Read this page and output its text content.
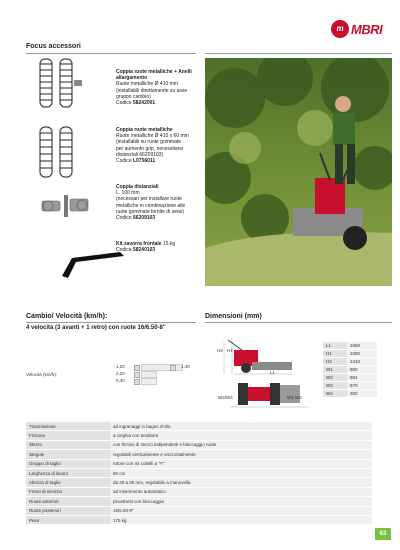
m MBRI
Focus accessori
Coppia ruote metalliche + Anelli allargamento
Ruote metalliche Ø 410 mm
(installabili direttamente su asse
gruppo cambio)
Codice 58242001
Coppia ruote metalliche
Ruote metalliche Ø 410 x 60 mm
(installabili su ruote gommate
per aumento grip, necessitano
distanziali 66209103)
Codice L0756011
Coppia distanziali
L. 100 mm
(necessari per installare ruote
metalliche in combinazione alle
ruote gommate fornite di serie)
Codice 66209103
Kit zavorra frontale 15 kg
Codice 58240103
Cambio/ Velocità (km/h):
4 velocità (3 avanti + 1 retro) con ruote 16/6.50-8"
Velocità (km/h):
1,20	1,40
2,20
0,40
Dimensioni (mm)
H2 H1
L1
W2/W4	W1 W2
L1	1650
H1	1080
H2	1310
W1	800
W2	864
W3	870
W4	350
Trasmissione	ad ingranaggi in bagno d'olio
Frizione	a cinghia con tenditore
Sterzo	con frizioni di sterzo indipendenti e bloccaggio ruote
Stegole	regolabili verticalmente e orizzontalmente
Gruppo di taglio	rotore con 44 coltelli a "Y"
Larghezza di lavoro	80 cm
Altezza di taglio	da 20 a 80 mm, regolabile a manovella
Freno di servizio	ad inserimento automatico
Ruote anteriori	piroettanti con bloccaggio
Ruote posteriori	16/6.50-8"
Peso	175 kg
63
